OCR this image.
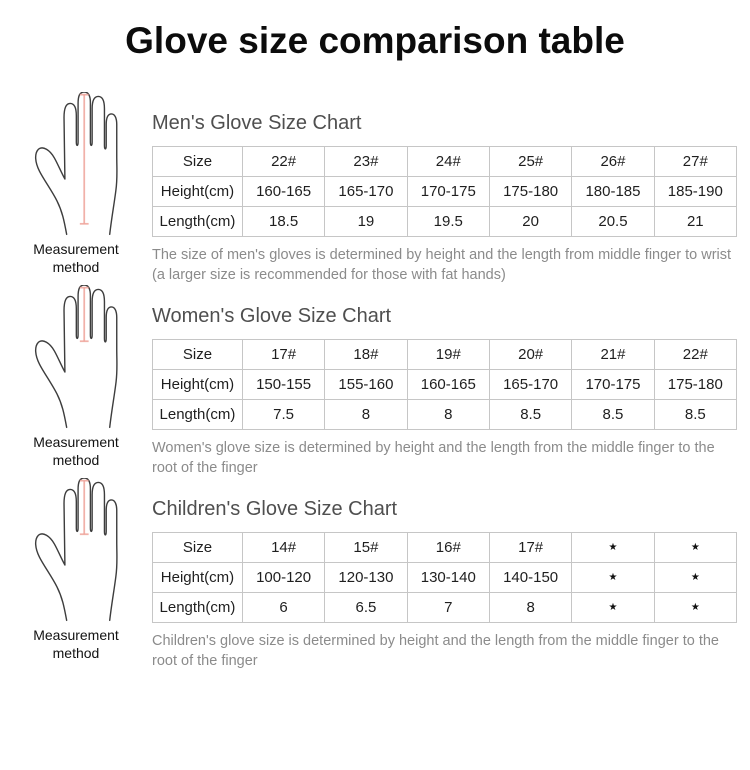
Glove size comparison table
Measurement method
Men's Glove Size Chart
Size	22#	23#	24#	25#	26#	27#
Height(cm)	160-165	165-170	170-175	175-180	180-185	185-190
Length(cm)	18.5	19	19.5	20	20.5	21

The size of men's gloves is determined by height and the length from middle finger to wrist (a larger size is recommended for those with fat hands)

Measurement method
Women's Glove Size Chart
Size	17#	18#	19#	20#	21#	22#
Height(cm)	150-155	155-160	160-165	165-170	170-175	175-180
Length(cm)	7.5	8	8	8.5	8.5	8.5

Women's glove size is determined by height and the length from the middle finger to the root of the finger

Measurement method
Children's Glove Size Chart
Size	14#	15#	16#	17#	★	★
Height(cm)	100-120	120-130	130-140	140-150	★	★
Length(cm)	6	6.5	7	8	★	★

Children's glove size is determined by height and the length from the middle finger to the root of the finger
